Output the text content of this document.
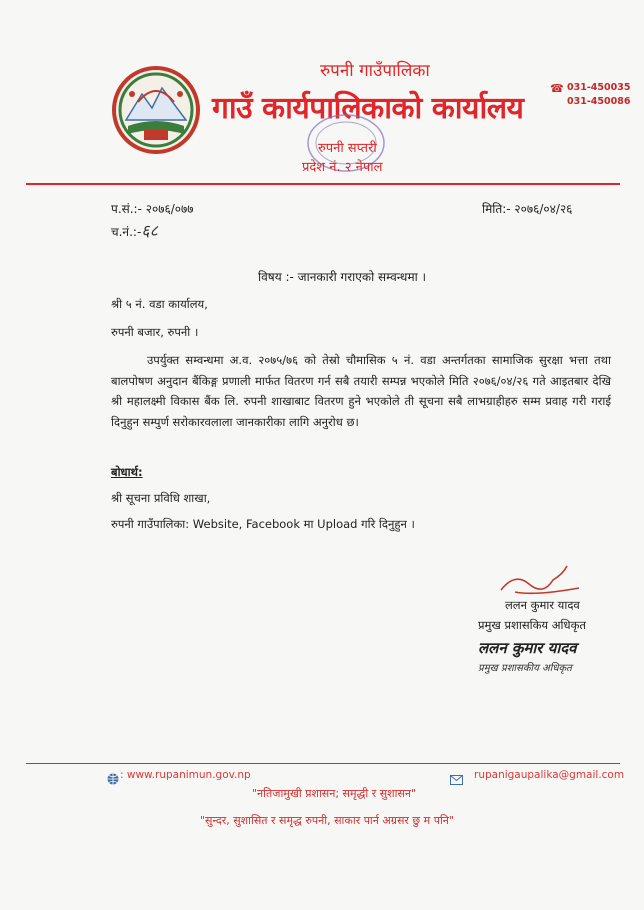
रुपनी गाउँपालिका
गाउँ कार्यपालिकाको कार्यालय
रुपनी सप्तरी
प्रदेश नं. २ नेपाल
☎ 031-450035
031-450086
प.सं.:- २०७६/०७७
च.नं.:-६८
मिति:- २०७६/०४/२६
विषय :- जानकारी गराएको सम्वन्धमा ।
श्री ५ नं. वडा कार्यालय,
रुपनी बजार, रुपनी ।
उपर्युक्त सम्वन्धमा अ.व. २०७५/७६ को तेस्रो चौमासिक ५ नं. वडा अन्तर्गतका सामाजिक सुरक्षा भत्ता तथा बालपोषण अनुदान बैंकिङ्ग प्रणाली मार्फत वितरण गर्न सबै तयारी सम्पन्न भएकोले मिति २०७६/०४/२६ गते आइतबार देखि श्री महालक्ष्मी विकास बैंक लि. रुपनी शाखाबाट वितरण हुने भएकोले ती सूचना सबै लाभग्राहीहरु सम्म प्रवाह गरी गराई दिनुहुन सम्पुर्ण सरोकारवलाला जानकारीका लागि अनुरोध छ।
बोधार्थ:
श्री सूचना प्रविधि शाखा,
रुपनी गाउँपालिका: Website, Facebook मा Upload गरि दिनुहुन ।
ललन कुमार यादव
प्रमुख प्रशासकिय अधिकृत
ललन कुमार यादव
प्रमुख प्रशासकीय अधिकृत
: www.rupanimun.gov.np	rupanigaupalika@gmail.com
"नतिजामुखी प्रशासन; समृद्धी र सुशासन"
"सुन्दर, सुशासित र समृद्ध रुपनी, साकार पार्न अग्रसर छु म पनि"
